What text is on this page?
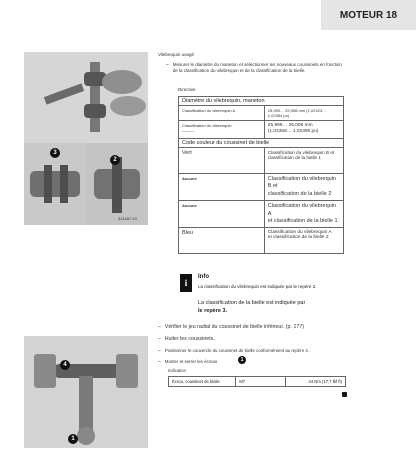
MOTEUR 18
3
2
311487-10
Vilebrequin usagé
– Mesurer le diamètre du maneton et sélectionner les nouveaux coussinets en fonction de la classification du vilebrequin et de la classification de la bielle.
Directive
Diamètre du vilebrequin, maneton	
Classification du vilebrequin A	25,990… 25,998 mm (1,02323…
1,02354 po)
Classification du vilebrequin
———	25,999… 26,006 mm
(1,02358… 1,02386 po)
Code couleur du coussinet de bielle	
Vert	Classification du vilebrequin B et
classification de la bielle 1
Aucune	Classification du vilebrequin B et
classification de la bielle 2
Aucune	Classification du vilebrequin A
et classification de la bielle 1
Bleu	Classification du vilebrequin A
et classification de la bielle 2
i
Info
La classification du vilebrequin est indiquée par le repère 3.
La classification de la bielle est indiquée par
le repère 3.
– Vérifier le jeu radial du coussinet de bielle inférieur. (p. 177)
– Huiler les coussinets.
– Positionner le couvercle du coussinet de bielle conformément au repère 4 .
– Monter et serrer les écrous	1
Indication
Écrou, coussinet de bielle	M7	24 Nm (17,7 lbf ft)
4
1
